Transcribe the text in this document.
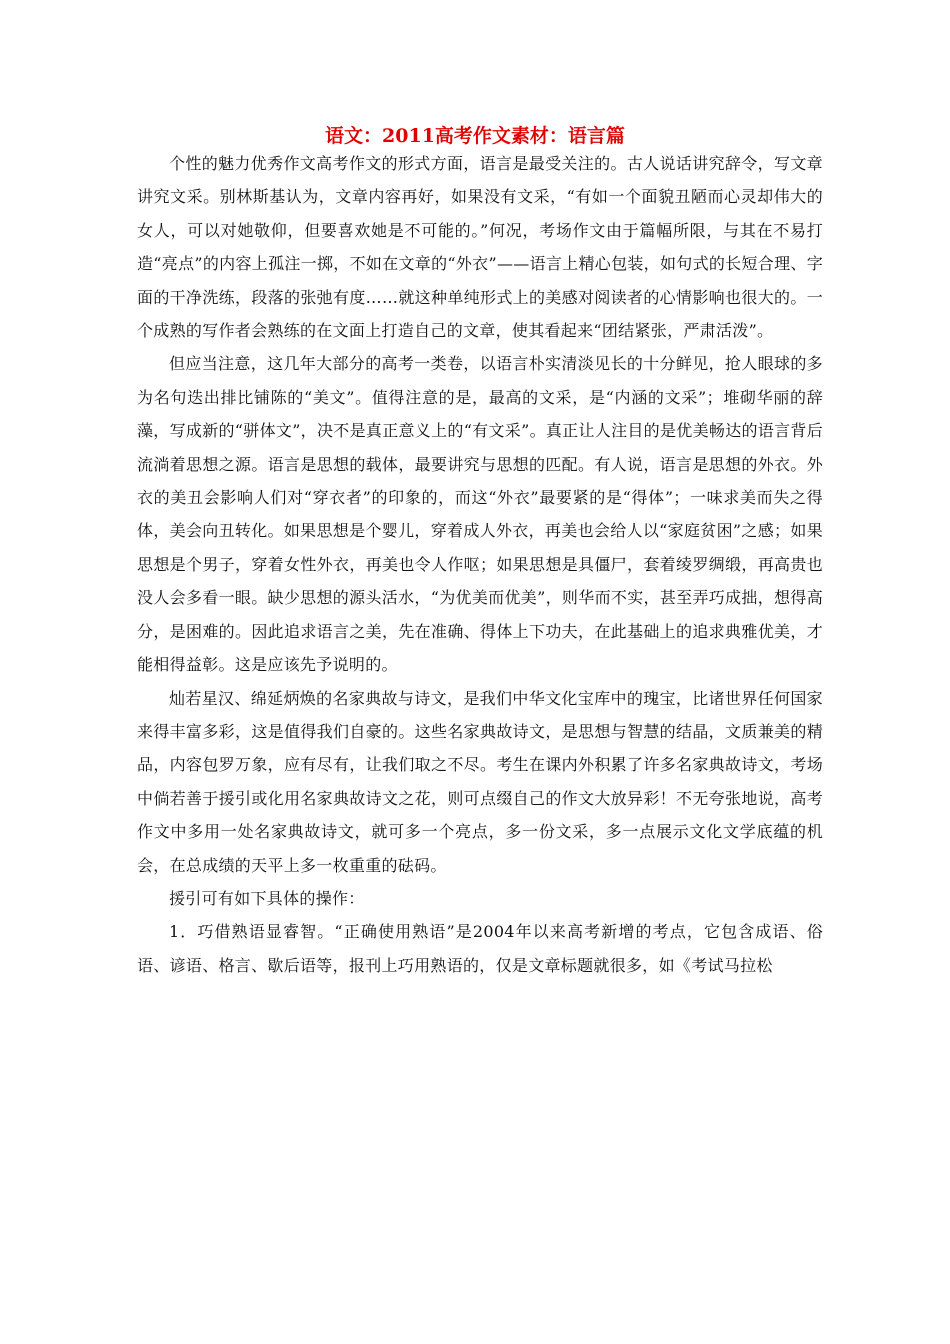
语文：2011高考作文素材：语言篇

个性的魅力优秀作文高考作文的形式方面，语言是最受关注的。古人说话讲究辞令，写文章讲究文采。别林斯基认为，文章内容再好，如果没有文采，“有如一个面貌丑陋而心灵却伟大的女人，可以对她敬仰，但要喜欢她是不可能的。”何况，考场作文由于篇幅所限，与其在不易打造“亮点”的内容上孤注一掷，不如在文章的“外衣”——语言上精心包装，如句式的长短合理、字面的干净洗练，段落的张弛有度……就这种单纯形式上的美感对阅读者的心情影响也很大的。一个成熟的写作者会熟练的在文面上打造自己的文章，使其看起来“团结紧张，严肃活泼”。

但应当注意，这几年大部分的高考一类卷，以语言朴实清淡见长的十分鲜见，抢人眼球的多为名句迭出排比铺陈的“美文”。值得注意的是，最高的文采，是“内涵的文采”；堆砌华丽的辞藻，写成新的“骈体文”，决不是真正意义上的“有文采”。真正让人注目的是优美畅达的语言背后流淌着思想之源。语言是思想的载体，最要讲究与思想的匹配。有人说，语言是思想的外衣。外衣的美丑会影响人们对“穿衣者”的印象的，而这“外衣”最要紧的是“得体”；一味求美而失之得体，美会向丑转化。如果思想是个婴儿，穿着成人外衣，再美也会给人以“家庭贫困”之感；如果思想是个男子，穿着女性外衣，再美也令人作呕；如果思想是具僵尸，套着绫罗绸缎，再高贵也没人会多看一眼。缺少思想的源头活水，“为优美而优美”，则华而不实，甚至弄巧成拙，想得高分，是困难的。因此追求语言之美，先在准确、得体上下功夫，在此基础上的追求典雅优美，才能相得益彰。这是应该先予说明的。

灿若星汉、绵延炳焕的名家典故与诗文，是我们中华文化宝库中的瑰宝，比诸世界任何国家来得丰富多彩，这是值得我们自豪的。这些名家典故诗文，是思想与智慧的结晶，文质兼美的精品，内容包罗万象，应有尽有，让我们取之不尽。考生在课内外积累了许多名家典故诗文，考场中倘若善于援引或化用名家典故诗文之花，则可点缀自己的作文大放异彩！不无夸张地说，高考作文中多用一处名家典故诗文，就可多一个亮点，多一份文采，多一点展示文化文学底蕴的机会，在总成绩的天平上多一枚重重的砝码。

援引可有如下具体的操作：

1．巧借熟语显睿智。“正确使用熟语”是2004年以来高考新增的考点，它包含成语、俗语、谚语、格言、歇后语等，报刊上巧用熟语的，仅是文章标题就很多，如《考试马拉松
